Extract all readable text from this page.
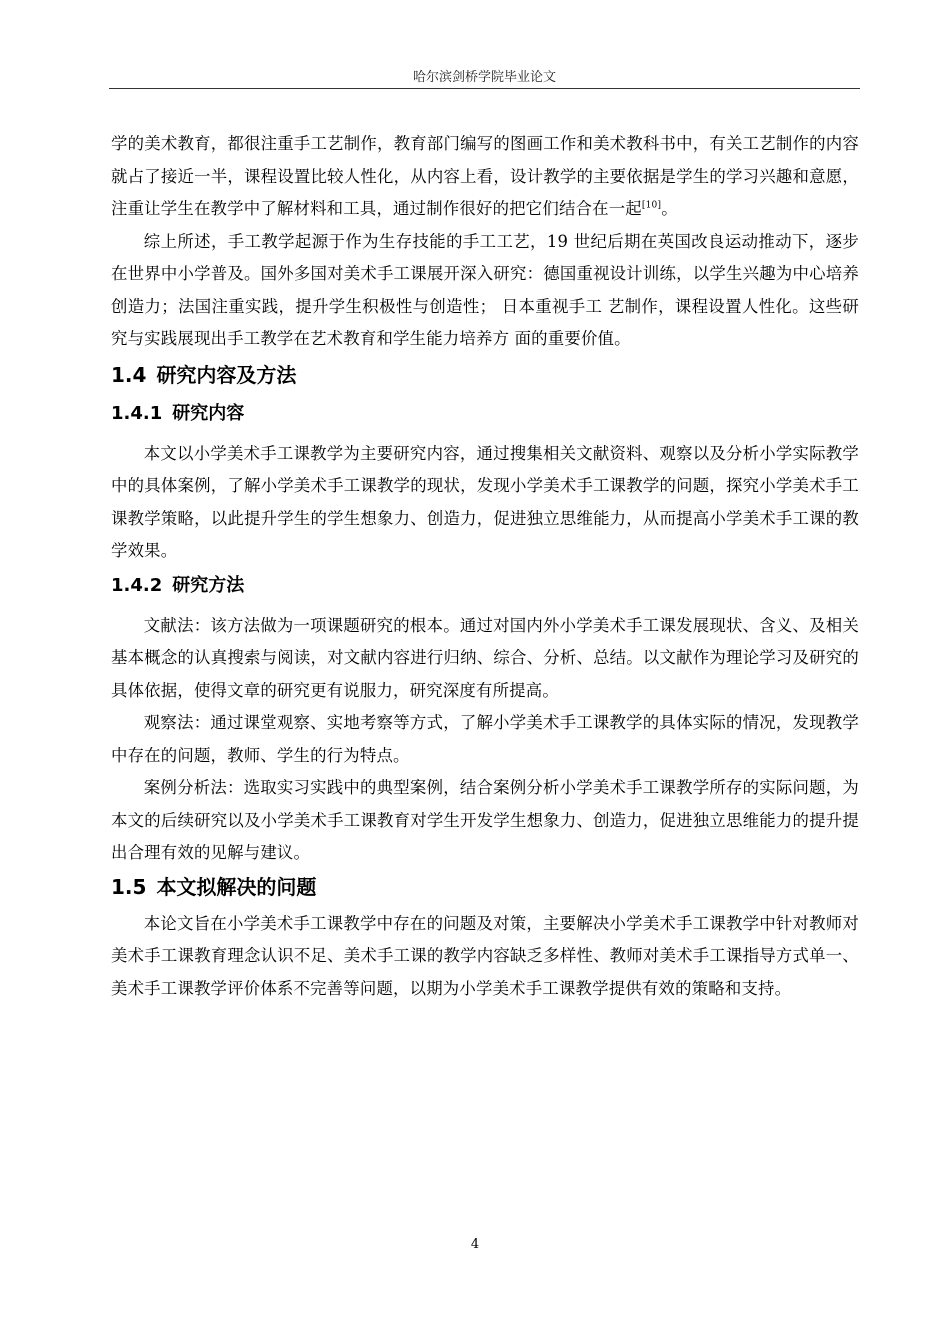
哈尔滨剑桥学院毕业论文

学的美术教育，都很注重手工艺制作，教育部门编写的图画工作和美术教科书中，有关工艺制作的内容就占了接近一半，课程设置比较人性化，从内容上看，设计教学的主要依据是学生的学习兴趣和意愿，注重让学生在教学中了解材料和工具，通过制作很好的把它们结合在一起[10]。

综上所述，手工教学起源于作为生存技能的手工工艺，19 世纪后期在英国改良运动推动下，逐步在世界中小学普及。国外多国对美术手工课展开深入研究：德国重视设计训练，以学生兴趣为中心培养创造力；法国注重实践，提升学生积极性与创造性； 日本重视手工 艺制作，课程设置人性化。这些研究与实践展现出手工教学在艺术教育和学生能力培养方 面的重要价值。

1.4 研究内容及方法
1.4.1 研究内容

本文以小学美术手工课教学为主要研究内容，通过搜集相关文献资料、观察以及分析小学实际教学中的具体案例，了解小学美术手工课教学的现状，发现小学美术手工课教学的问题，探究小学美术手工课教学策略，以此提升学生的学生想象力、创造力，促进独立思维能力，从而提高小学美术手工课的教学效果。

1.4.2 研究方法

文献法：该方法做为一项课题研究的根本。通过对国内外小学美术手工课发展现状、含义、及相关基本概念的认真搜索与阅读，对文献内容进行归纳、综合、分析、总结。以文献作为理论学习及研究的具体依据，使得文章的研究更有说服力，研究深度有所提高。

观察法：通过课堂观察、实地考察等方式，了解小学美术手工课教学的具体实际的情况，发现教学中存在的问题，教师、学生的行为特点。

案例分析法：选取实习实践中的典型案例，结合案例分析小学美术手工课教学所存的实际问题，为本文的后续研究以及小学美术手工课教育对学生开发学生想象力、创造力，促进独立思维能力的提升提出合理有效的见解与建议。

1.5 本文拟解决的问题

本论文旨在小学美术手工课教学中存在的问题及对策，主要解决小学美术手工课教学中针对教师对美术手工课教育理念认识不足、美术手工课的教学内容缺乏多样性、教师对美术手工课指导方式单一、美术手工课教学评价体系不完善等问题，以期为小学美术手工课教学提供有效的策略和支持。

4
